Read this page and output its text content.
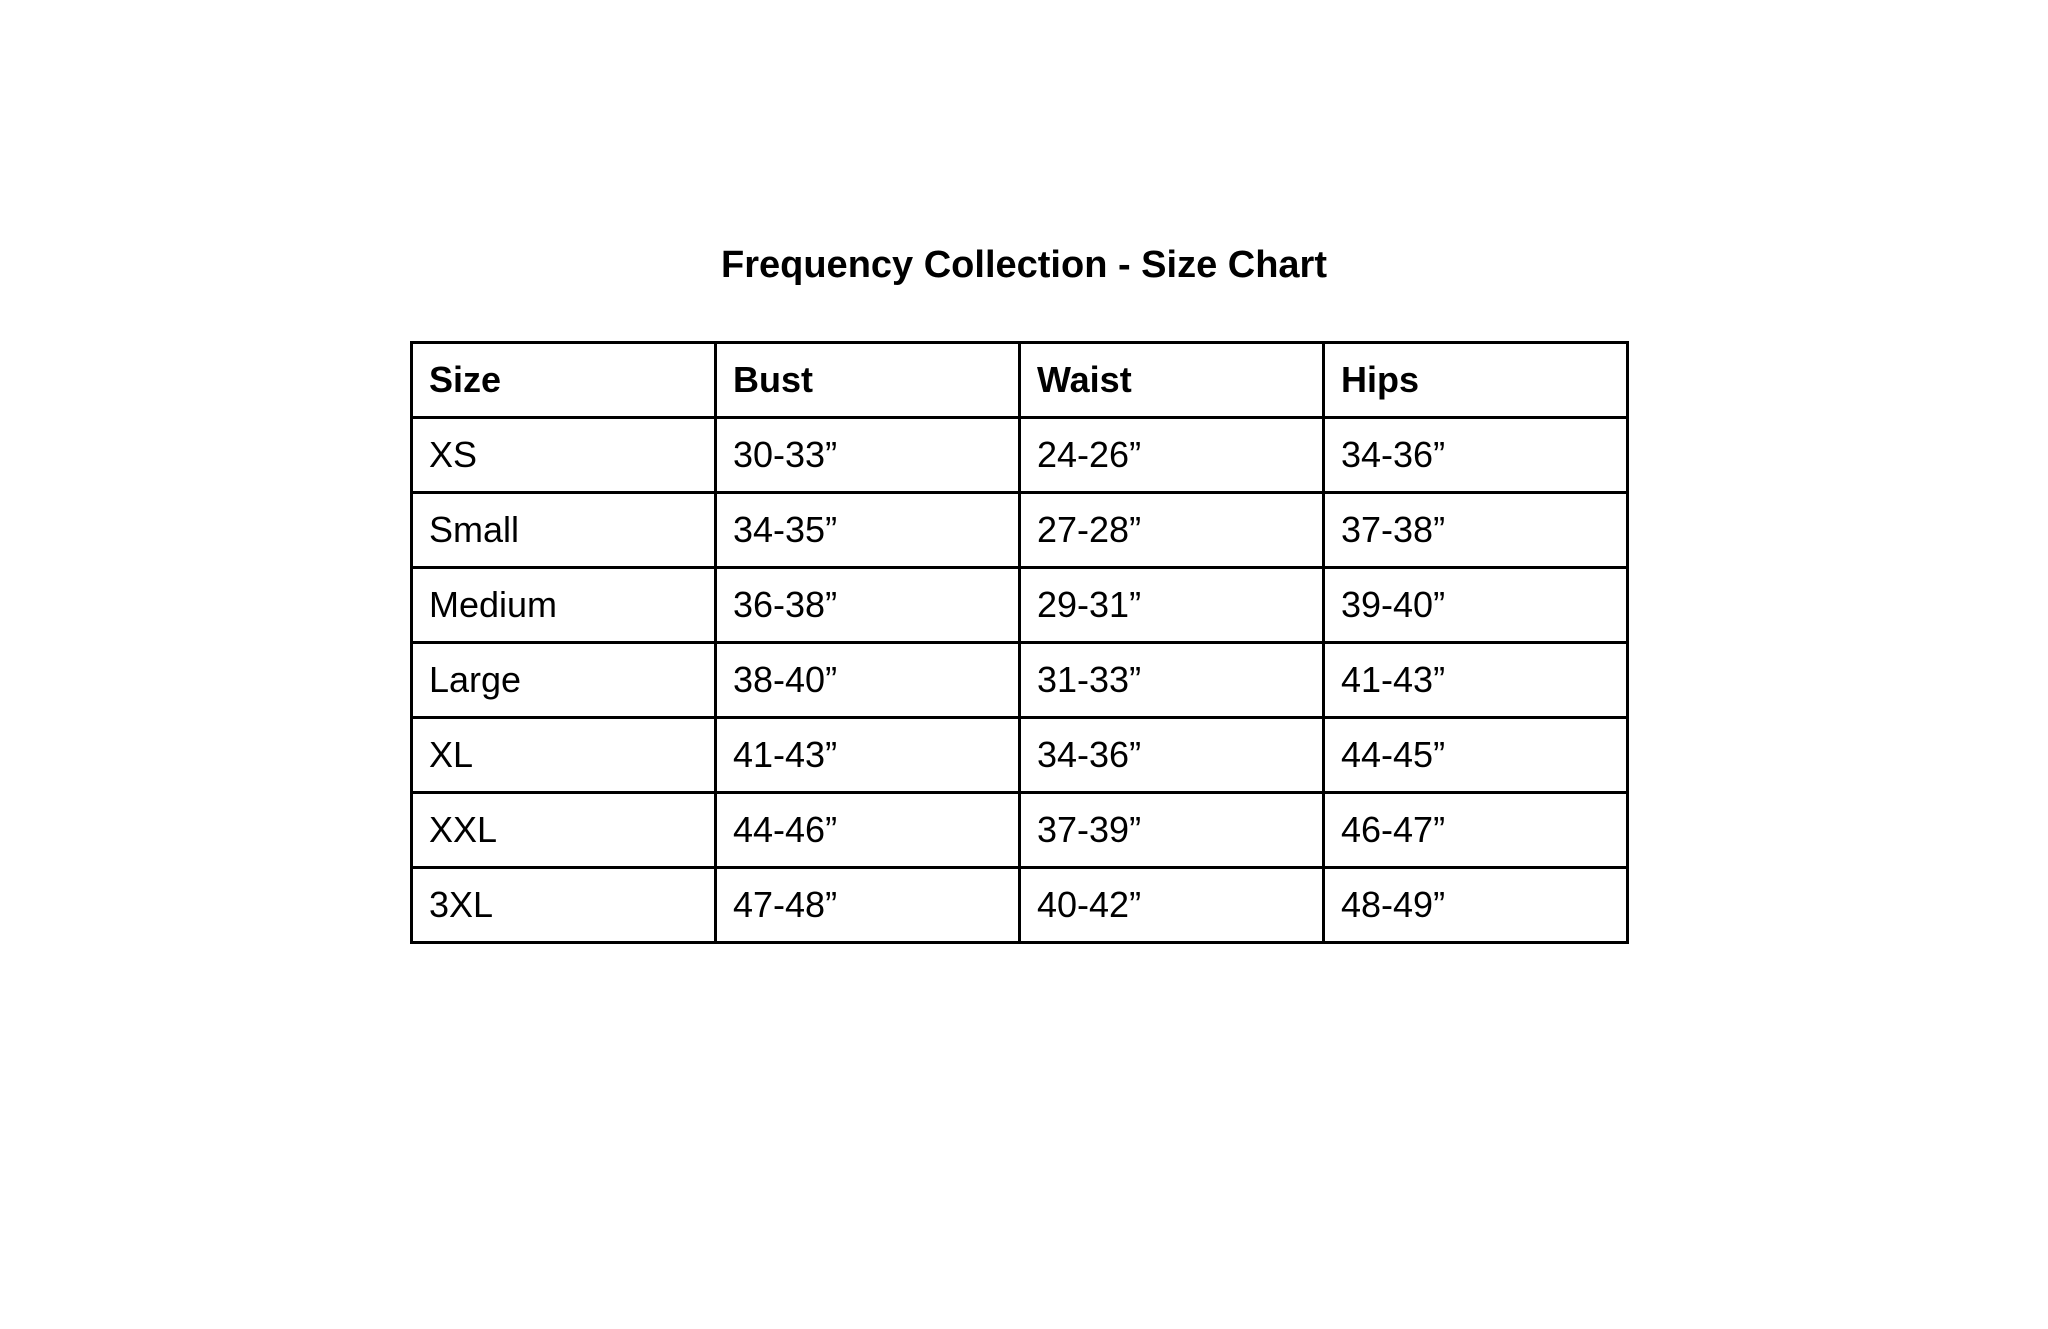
Frequency Collection - Size Chart
Size	Bust	Waist	Hips
XS	30-33”	24-26”	34-36”
Small	34-35”	27-28”	37-38”
Medium	36-38”	29-31”	39-40”
Large	38-40”	31-33”	41-43”
XL	41-43”	34-36”	44-45”
XXL	44-46”	37-39”	46-47”
3XL	47-48”	40-42”	48-49”
